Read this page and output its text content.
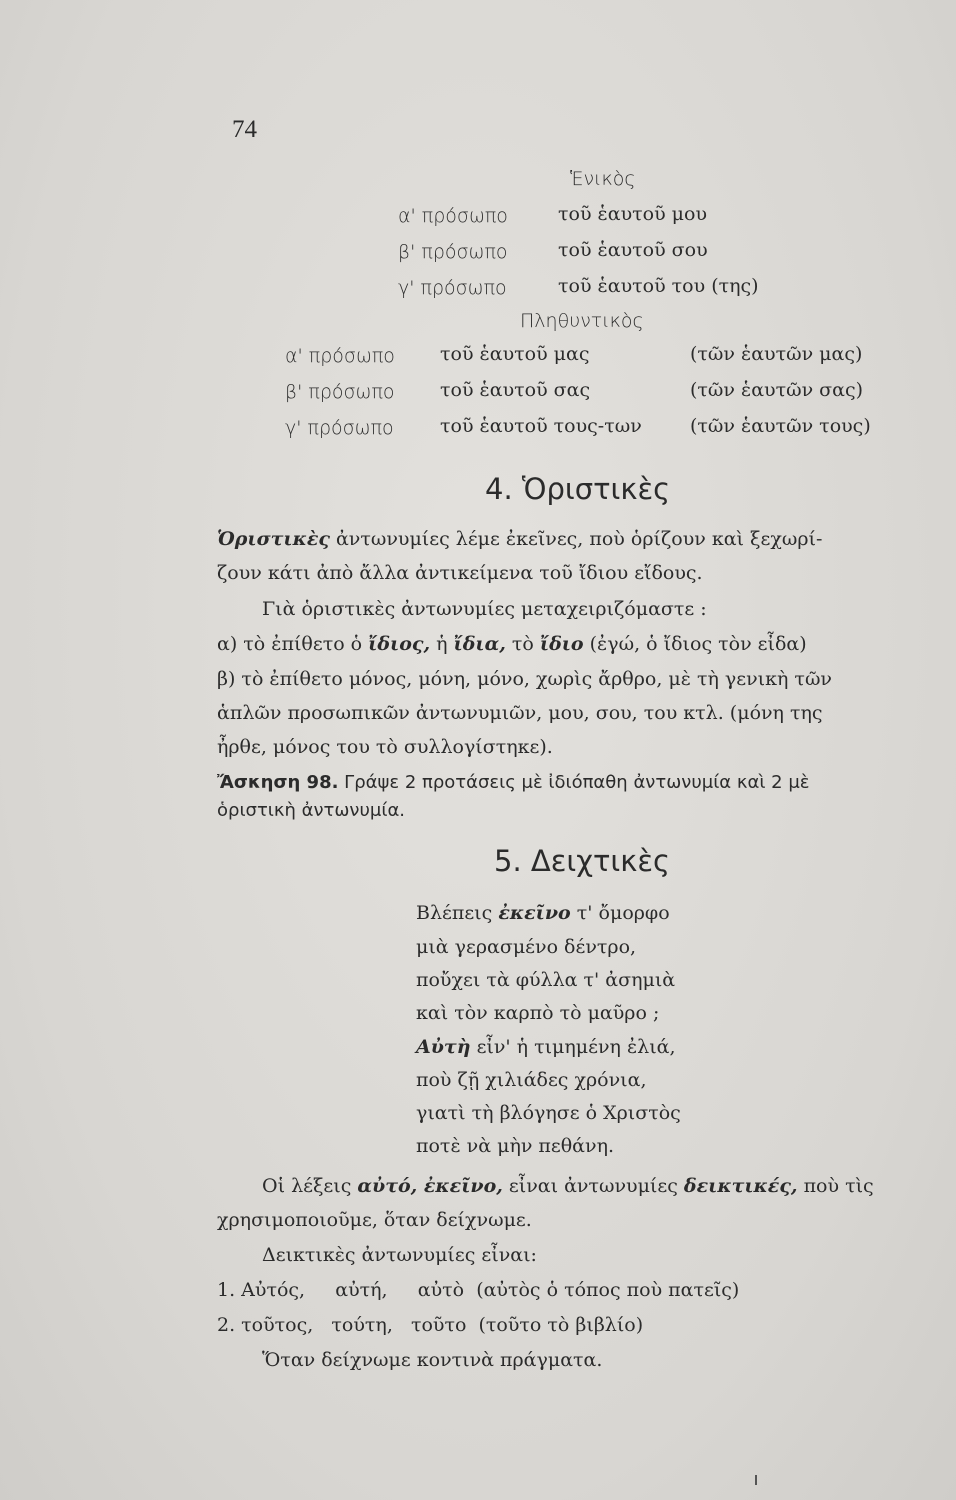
74
Ἑνικὸς
α' πρόσωπο	τοῦ ἑαυτοῦ μου
β' πρόσωπο	τοῦ ἑαυτοῦ σου
γ' πρόσωπο	τοῦ ἑαυτοῦ του (της)
Πληθυντικὸς
α' πρόσωπο τοῦ ἑαυτοῦ μας	(τῶν ἑαυτῶν μας)
β' πρόσωπο τοῦ ἑαυτοῦ σας	(τῶν ἑαυτῶν σας)
γ' πρόσωπο τοῦ ἑαυτοῦ τους-των	(τῶν ἑαυτῶν τους)
4. Ὁριστικὲς
Ὁριστικὲς ἀντωνυμίες λέμε ἐκεῖνες, ποὺ ὁρίζουν καὶ ξεχωρί-
ζουν κάτι ἀπὸ ἄλλα ἀντικείμενα τοῦ ἴδιου εἴδους.
Γιὰ ὁριστικὲς ἀντωνυμίες μεταχειριζόμαστε :
α) τὸ ἐπίθετο ὁ ἴδιος, ἡ ἴδια, τὸ ἴδιο (ἐγώ, ὁ ἴδιος τὸν εἶδα)
β) τὸ ἐπίθετο μόνος, μόνη, μόνο, χωρὶς ἄρθρο, μὲ τὴ γενικὴ τῶν
ἁπλῶν προσωπικῶν ἀντωνυμιῶν, μου, σου, του κτλ. (μόνη της
ἦρθε, μόνος του τὸ συλλογίστηκε).
Ἄσκηση 98. Γράψε 2 προτάσεις μὲ ἰδιόπαθη ἀντωνυμία καὶ 2 μὲ
ὁριστικὴ ἀντωνυμία.
5. Δειχτικὲς
Βλέπεις ἐκεῖνο τ' ὄμορφο
μιὰ γερασμένο δέντρο,
ποὔχει τὰ φύλλα τ' ἀσημιὰ
καὶ τὸν καρπὸ τὸ μαῦρο ;
Αὐτὴ εἶν' ἡ τιμημένη ἐλιά,
ποὺ ζῇ χιλιάδες χρόνια,
γιατὶ τὴ βλόγησε ὁ Χριστὸς
ποτὲ νὰ μὴν πεθάνη.
Οἱ λέξεις αὐτό, ἐκεῖνο, εἶναι ἀντωνυμίες δεικτικές, ποὺ τὶς
χρησιμοποιοῦμε, ὅταν δείχνωμε.
Δεικτικὲς ἀντωνυμίες εἶναι:
1. Αὐτός,     αὐτή,     αὐτὸ  (αὐτὸς ὁ τόπος ποὺ πατεῖς)
2. τοῦτος,   τούτη,   τοῦτο  (τοῦτο τὸ βιβλίο)
Ὅταν δείχνωμε κοντινὰ πράγματα.
